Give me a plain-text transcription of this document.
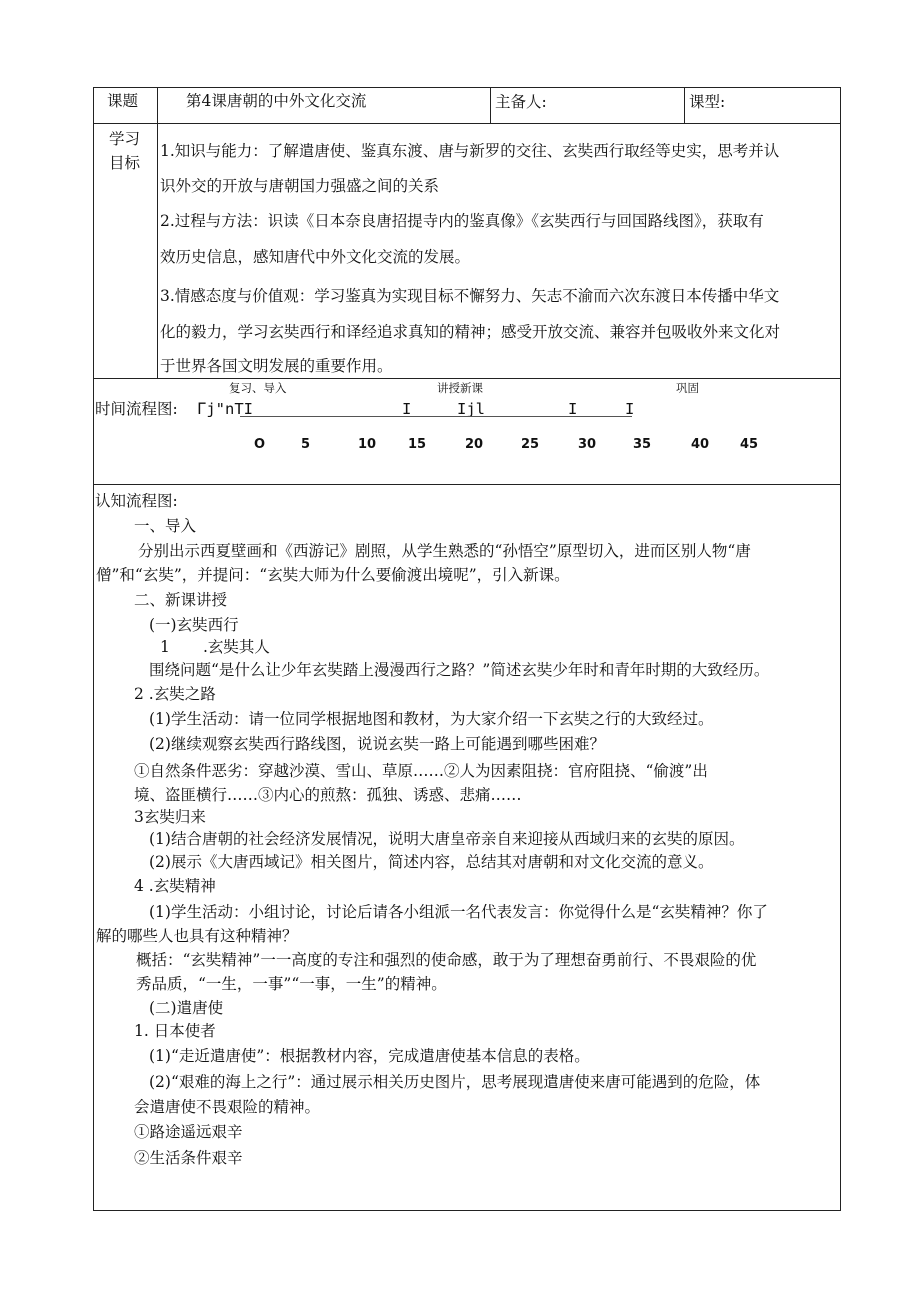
课题	第4课唐朝的中外文化交流	主备人:	课型:
学习
目标
1.知识与能力：了解遣唐使、鉴真东渡、唐与新罗的交往、玄奘西行取经等史实，思考并认
识外交的开放与唐朝国力强盛之间的关系
2.过程与方法：识读《日本奈良唐招提寺内的鉴真像》《玄奘西行与回国路线图》，获取有
效历史信息，感知唐代中外文化交流的发展。
3.情感态度与价值观：学习鉴真为实现目标不懈努力、矢志不渝而六次东渡日本传播中华文
化的毅力，学习玄奘西行和译经追求真知的精神；感受开放交流、兼容并包吸收外来文化对
于世界各国文明发展的重要作用。
复习、导入	讲授新课	巩固
时间流程图: Γj"nTI	I	Ijl	I	I
O	5	10 15	20	25	30	35	40 45
认知流程图:
一、导入
分别出示西夏壁画和《西游记》剧照，从学生熟悉的“孙悟空”原型切入，进而区别人物“唐
僧”和“玄奘”，并提问：“玄奘大师为什么要偷渡出境呢”，引入新课。
二、新课讲授
(一)玄奘西行
1 .玄奘其人
围绕问题“是什么让少年玄奘踏上漫漫西行之路？”简述玄奘少年时和青年时期的大致经历。
2 .玄奘之路
(1)学生活动：请一位同学根据地图和教材，为大家介绍一下玄奘之行的大致经过。
(2)继续观察玄奘西行路线图，说说玄奘一路上可能遇到哪些困难？
①自然条件恶劣：穿越沙漠、雪山、草原……②人为因素阻挠：官府阻挠、“偷渡”出
境、盗匪横行……③内心的煎熬：孤独、诱惑、悲痛……
3玄奘归来
(1)结合唐朝的社会经济发展情况，说明大唐皇帝亲自来迎接从西域归来的玄奘的原因。
(2)展示《大唐西域记》相关图片，简述内容，总结其对唐朝和对文化交流的意义。
4 .玄奘精神
(1)学生活动：小组讨论，讨论后请各小组派一名代表发言：你觉得什么是“玄奘精神？你了
解的哪些人也具有这种精神？
概括：“玄奘精神”一一高度的专注和强烈的使命感，敢于为了理想奋勇前行、不畏艰险的优
秀品质，“一生，一事”“一事，一生”的精神。
(二)遣唐使
1. 日本使者
(1)“走近遣唐使”：根据教材内容，完成遣唐使基本信息的表格。
(2)“艰难的海上之行”：通过展示相关历史图片，思考展现遣唐使来唐可能遇到的危险，体
会遣唐使不畏艰险的精神。
①路途遥远艰辛
②生活条件艰辛
